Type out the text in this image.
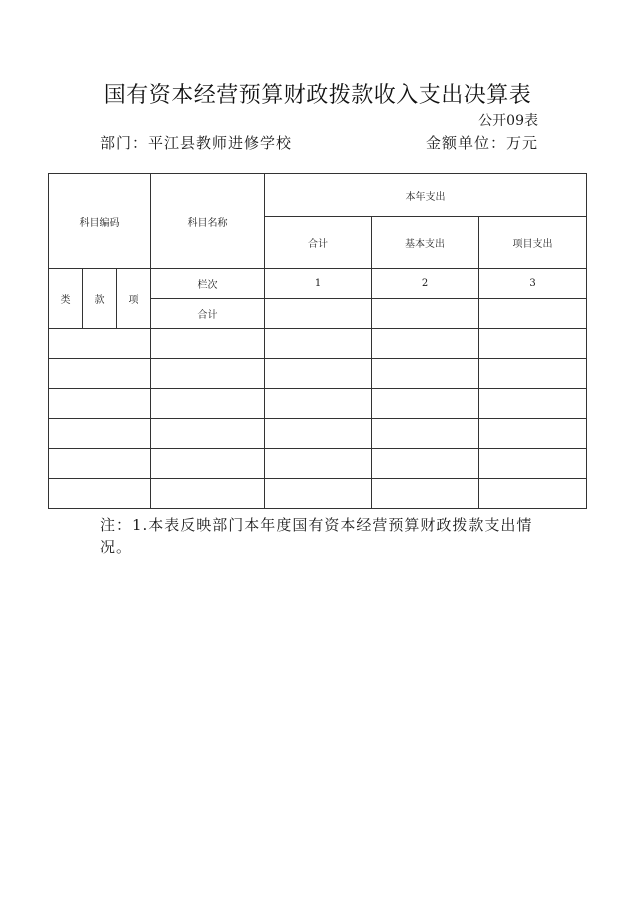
国有资本经营预算财政拨款收入支出决算表
公开09表
部门：平江县教师进修学校	金额单位：万元
科目编码			科目名称	本年支出		
				合计	基本支出	项目支出
类	款	项	栏次	1	2	3
			合计			

注：1.本表反映部门本年度国有资本经营预算财政拨款支出情况。
